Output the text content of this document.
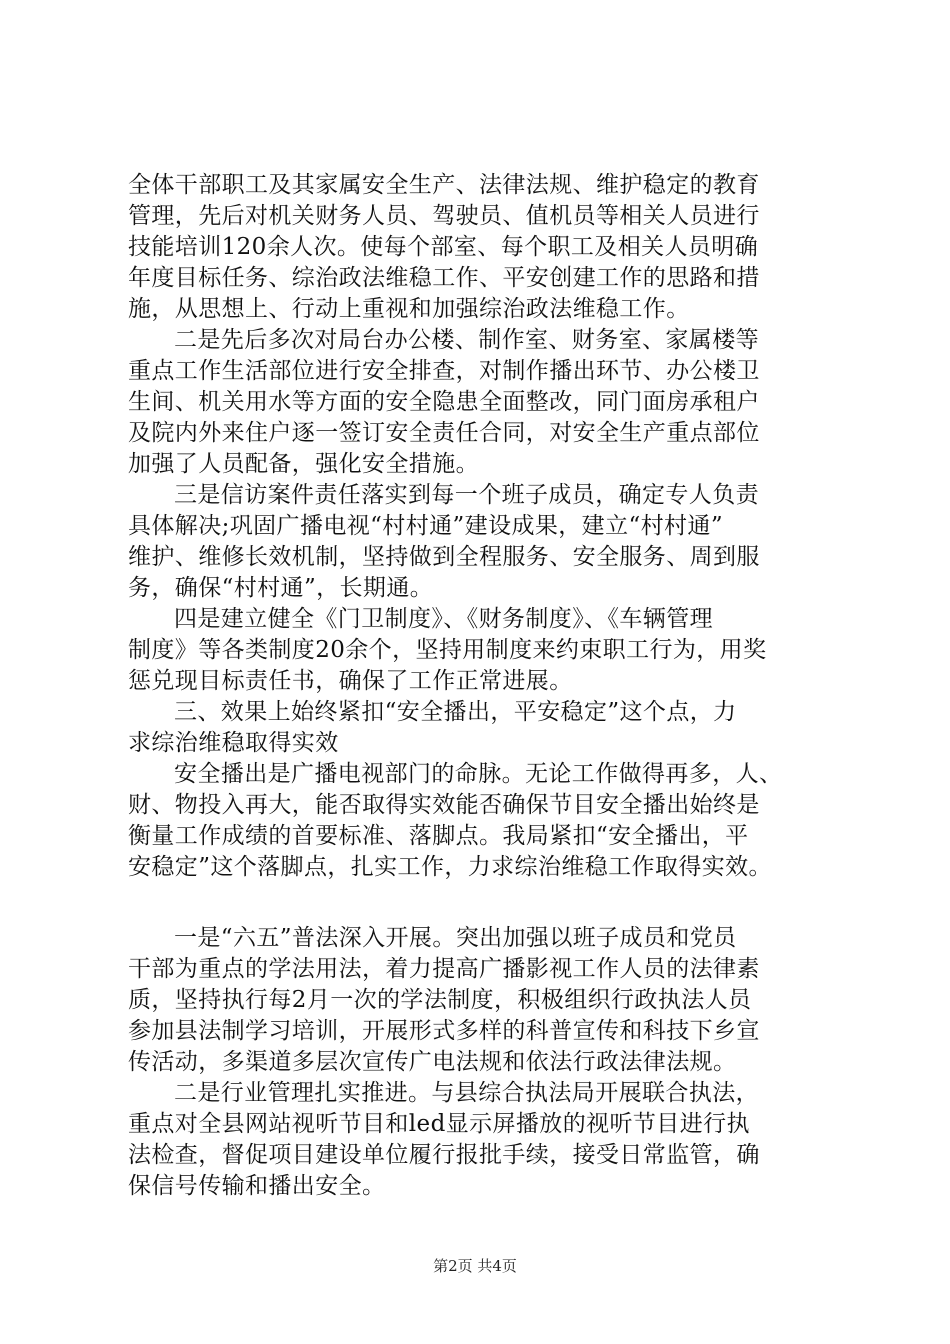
全体干部职工及其家属安全生产、法律法规、维护稳定的教育
管理，先后对机关财务人员、驾驶员、值机员等相关人员进行
技能培训120余人次。使每个部室、每个职工及相关人员明确
年度目标任务、综治政法维稳工作、平安创建工作的思路和措
施，从思想上、行动上重视和加强综治政法维稳工作。
二是先后多次对局台办公楼、制作室、财务室、家属楼等
重点工作生活部位进行安全排查，对制作播出环节、办公楼卫
生间、机关用水等方面的安全隐患全面整改，同门面房承租户
及院内外来住户逐一签订安全责任合同，对安全生产重点部位
加强了人员配备，强化安全措施。
三是信访案件责任落实到每一个班子成员，确定专人负责
具体解决;巩固广播电视“村村通”建设成果，建立“村村通”
维护、维修长效机制，坚持做到全程服务、安全服务、周到服
务，确保“村村通”，长期通。
四是建立健全《门卫制度》、《财务制度》、《车辆管理
制度》等各类制度20余个，坚持用制度来约束职工行为，用奖
惩兑现目标责任书，确保了工作正常进展。
三、效果上始终紧扣“安全播出，平安稳定”这个点，力
求综治维稳取得实效
安全播出是广播电视部门的命脉。无论工作做得再多，人、
财、物投入再大，能否取得实效能否确保节目安全播出始终是
衡量工作成绩的首要标准、落脚点。我局紧扣“安全播出，平
安稳定”这个落脚点，扎实工作，力求综治维稳工作取得实效。
一是“六五”普法深入开展。突出加强以班子成员和党员
干部为重点的学法用法，着力提高广播影视工作人员的法律素
质，坚持执行每2月一次的学法制度，积极组织行政执法人员
参加县法制学习培训，开展形式多样的科普宣传和科技下乡宣
传活动，多渠道多层次宣传广电法规和依法行政法律法规。
二是行业管理扎实推进。与县综合执法局开展联合执法，
重点对全县网站视听节目和led显示屏播放的视听节目进行执
法检查，督促项目建设单位履行报批手续，接受日常监管，确
保信号传输和播出安全。
第2页 共4页
